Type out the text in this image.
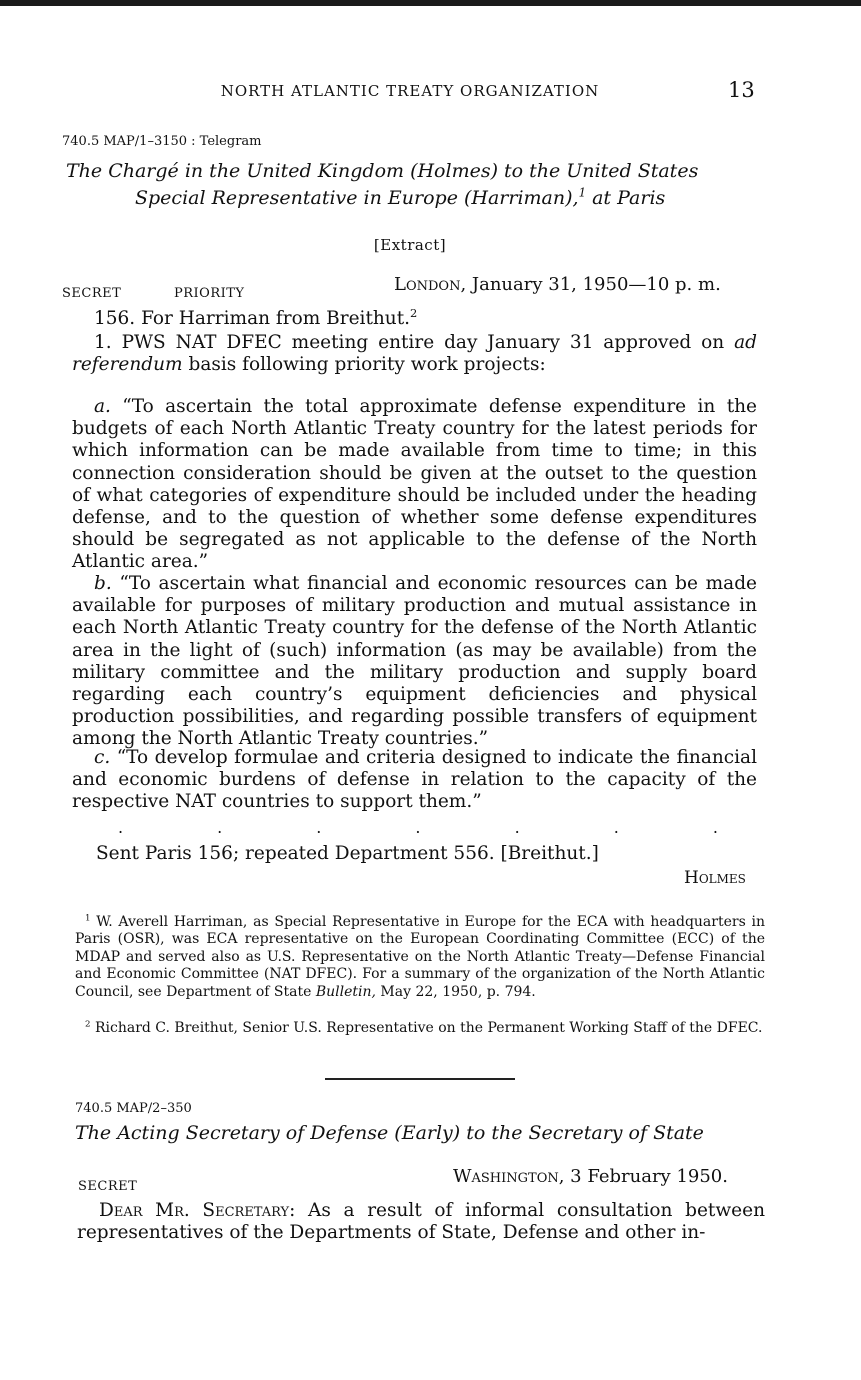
NORTH ATLANTIC TREATY ORGANIZATION	13
740.5 MAP/1–3150 : Telegram
The Chargé in the United Kingdom (Holmes) to the United States
Special Representative in Europe (Harriman),$^1$ at Paris
[Extract]
SECRET	PRIORITY	London, January 31, 1950—10 p. m.
156. For Harriman from Breithut.$^2$
1. PWS NAT DFEC meeting entire day January 31 approved on ad referendum basis following priority work projects:
a. “To ascertain the total approximate defense expenditure in the budgets of each North Atlantic Treaty country for the latest periods for which information can be made available from time to time; in this connection consideration should be given at the outset to the question of what categories of expenditure should be included under the heading defense, and to the question of whether some defense expenditures should be segregated as not applicable to the defense of the North Atlantic area.”
b. “To ascertain what financial and economic resources can be made available for purposes of military production and mutual assistance in each North Atlantic Treaty country for the defense of the North Atlantic area in the light of (such) information (as may be available) from the military committee and the military production and supply board regarding each country’s equipment deficiencies and physical production possibilities, and regarding possible transfers of equipment among the North Atlantic Treaty countries.”
c. “To develop formulae and criteria designed to indicate the financial and economic burdens of defense in relation to the capacity of the respective NAT countries to support them.”
.	.	.	.	.	.	.
Sent Paris 156; repeated Department 556. [Breithut.]
Holmes
$^1$ W. Averell Harriman, as Special Representative in Europe for the ECA with headquarters in Paris (OSR), was ECA representative on the European Coordinating Committee (ECC) of the MDAP and served also as U.S. Representative on the North Atlantic Treaty—Defense Financial and Economic Committee (NAT DFEC). For a summary of the organization of the North Atlantic Council, see Department of State Bulletin, May 22, 1950, p. 794.
$^2$ Richard C. Breithut, Senior U.S. Representative on the Permanent Working Staff of the DFEC.
740.5 MAP/2–350
The Acting Secretary of Defense (Early) to the Secretary of State
SECRET	Washington, 3 February 1950.
Dear Mr. Secretary: As a result of informal consultation between representatives of the Departments of State, Defense and other in-
